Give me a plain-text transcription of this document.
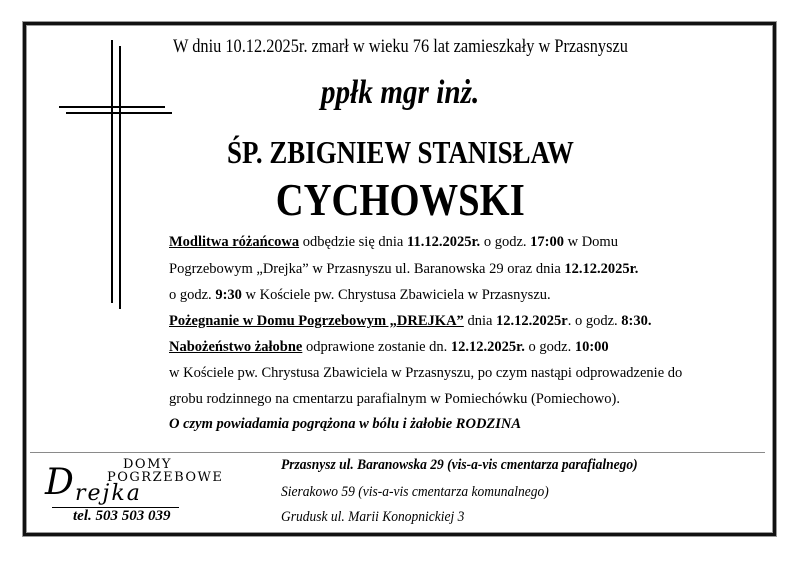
W dniu 10.12.2025r. zmarł w wieku 76 lat zamieszkały w Przasnyszu
ppłk mgr inż.
ŚP. ZBIGNIEW STANISŁAW
CYCHOWSKI
Modlitwa różańcowa odbędzie się dnia 11.12.2025r. o godz. 17:00 w Domu
Pogrzebowym „Drejka” w Przasnyszu ul. Baranowska 29 oraz dnia 12.12.2025r.
o godz. 9:30 w Kościele pw. Chrystusa Zbawiciela w Przasnyszu.
Pożegnanie w Domu Pogrzebowym „DREJKA” dnia 12.12.2025r. o godz. 8:30.
Nabożeństwo żałobne odprawione zostanie dn. 12.12.2025r. o godz. 10:00
w Kościele pw. Chrystusa Zbawiciela w Przasnyszu, po czym nastąpi odprowadzenie do
grobu rodzinnego na cmentarzu parafialnym w Pomiechówku (Pomiechowo).
O czym powiadamia pogrążona w bólu i żałobie RODZINA
DOMY
POGRZEBOWE
D rejka
tel. 503 503 039
Przasnysz ul. Baranowska 29 (vis-a-vis cmentarza parafialnego)
Sierakowo 59 (vis-a-vis cmentarza komunalnego)
Grudusk ul. Marii Konopnickiej 3
